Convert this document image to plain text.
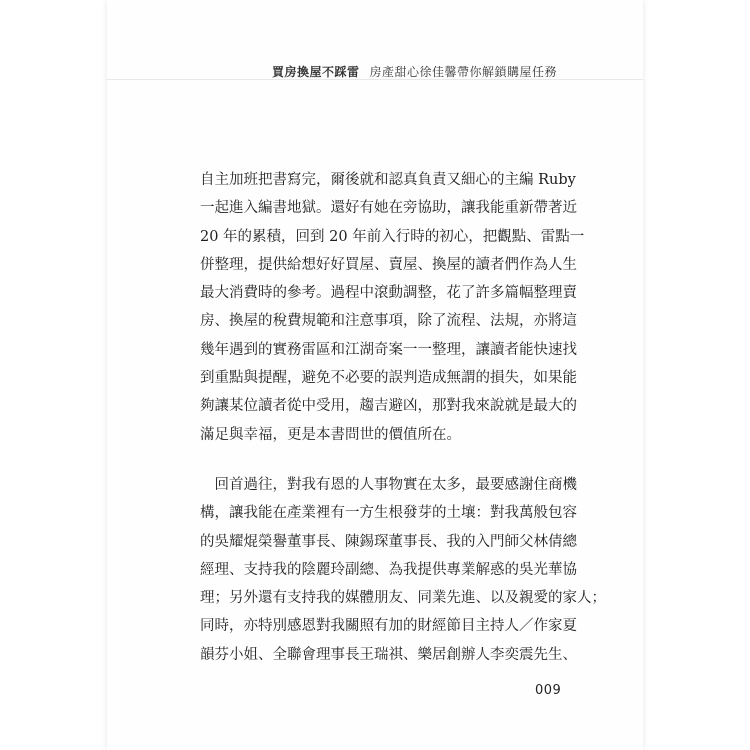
買房換屋不踩雷 房產甜心徐佳馨帶你解鎖購屋任務
自主加班把書寫完，爾後就和認真負責又細心的主編 Ruby
一起進入編書地獄。還好有她在旁協助，讓我能重新帶著近
20 年的累積，回到 20 年前入行時的初心，把觀點、雷點一
併整理，提供給想好好買屋、賣屋、換屋的讀者們作為人生
最大消費時的參考。過程中滾動調整，花了許多篇幅整理賣
房、換屋的稅費規範和注意事項，除了流程、法規，亦將這
幾年遇到的實務雷區和江湖奇案一一整理，讓讀者能快速找
到重點與提醒，避免不必要的誤判造成無謂的損失，如果能
夠讓某位讀者從中受用，趨吉避凶，那對我來說就是最大的
滿足與幸福，更是本書問世的價值所在。
　回首過往，對我有恩的人事物實在太多，最要感謝住商機
構，讓我能在產業裡有一方生根發芽的土壤：對我萬般包容
的吳耀焜榮譽董事長、陳錫琛董事長、我的入門師父林倩總
經理、支持我的陰麗玲副總、為我提供專業解惑的吳光華協
理；另外還有支持我的媒體朋友、同業先進、以及親愛的家人；
同時，亦特別感恩對我關照有加的財經節目主持人／作家夏
韻芬小姐、全聯會理事長王瑞祺、樂居創辦人李奕震先生、
009
